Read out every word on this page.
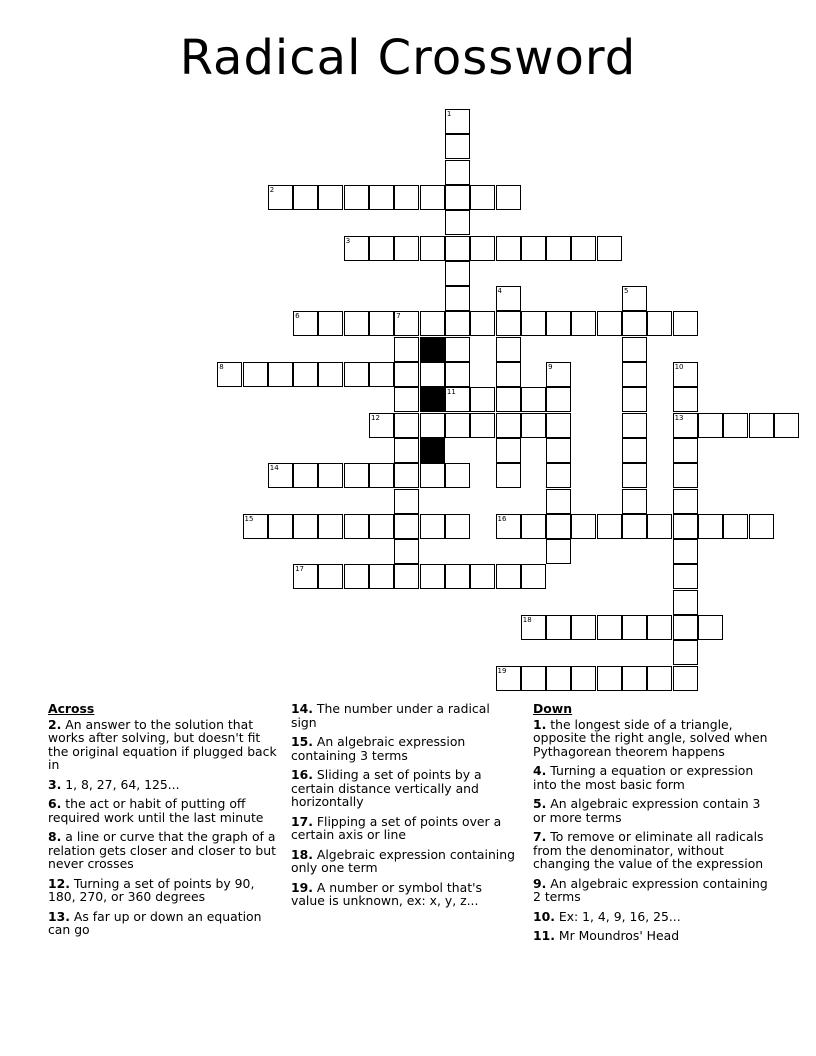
Radical Crossword
1
2
3
4	5
6	7
8	9	10
13
11
12
14
15	16
17
18
19
Across
2. An answer to the solution that works after solving, but doesn't fit the original equation if plugged back in
3. 1, 8, 27, 64, 125...
6. the act or habit of putting off required work until the last minute
8. a line or curve that the graph of a relation gets closer and closer to but never crosses
12. Turning a set of points by 90, 180, 270, or 360 degrees
13. As far up or down an equation can go
14. The number under a radical sign
15. An algebraic expression containing 3 terms
16. Sliding a set of points by a certain distance vertically and horizontally
17. Flipping a set of points over a certain axis or line
18. Algebraic expression containing only one term
19. A number or symbol that's value is unknown, ex: x, y, z...
Down
1. the longest side of a triangle, opposite the right angle, solved when Pythagorean theorem happens
4. Turning a equation or expression into the most basic form
5. An algebraic expression contain 3 or more terms
7. To remove or eliminate all radicals from the denominator, without changing the value of the expression
9. An algebraic expression containing 2 terms
10. Ex: 1, 4, 9, 16, 25...
11. Mr Moundros' Head
